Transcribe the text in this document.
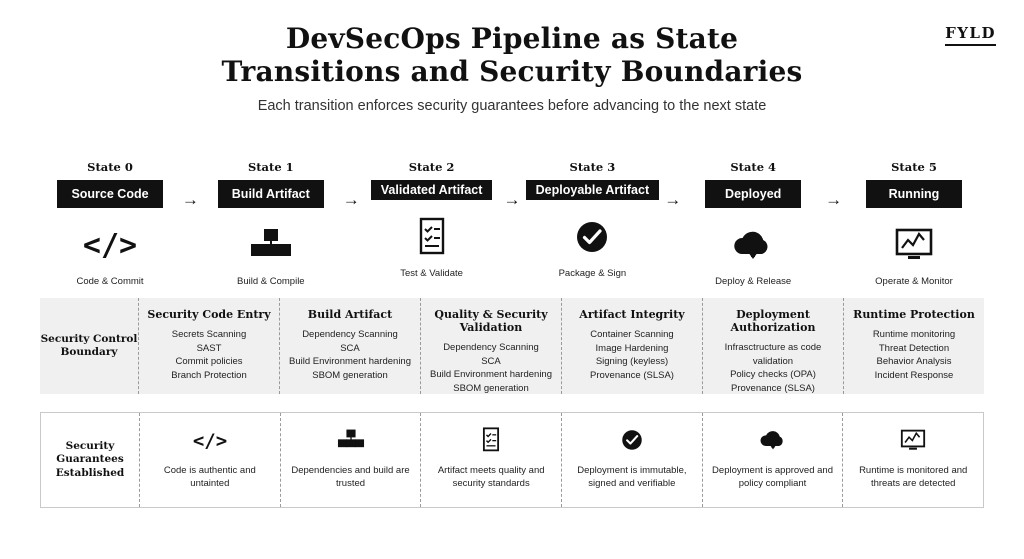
FYLD
DevSecOps Pipeline as State
Transitions and Security Boundaries
Each transition enforces security guarantees before advancing to the next state
State 0
Source Code
</>
Code & Commit
→
State 1
Build Artifact
Build & Compile
→
State 2
Validated Artifact
Test & Validate
→
State 3
Deployable Artifact
Package & Sign
→
State 4
Deployed
Deploy & Release
→
State 5
Running
Operate & Monitor
Security Control Boundary
Security Code Entry
Secrets Scanning
SAST
Commit policies
Branch Protection
Build Artifact
Dependency Scanning
SCA
Build Environment hardening
SBOM generation
Quality & Security Validation
Dependency Scanning
SCA
Build Environment hardening
SBOM generation
Artifact Integrity
Container Scanning
Image Hardening
Signing (keyless)
Provenance (SLSA)
Deployment Authorization
Infrasctructure as code validation
Policy checks (OPA)
Provenance (SLSA)
Runtime Protection
Runtime monitoring
Threat Detection
Behavior Analysis
Incident Response
Security Guarantees Established
</>
Code is authentic and untainted
Dependencies and build are trusted
Artifact meets quality and security standards
Deployment is immutable, signed and verifiable
Deployment is approved and policy compliant
Runtime is monitored and threats are detected
